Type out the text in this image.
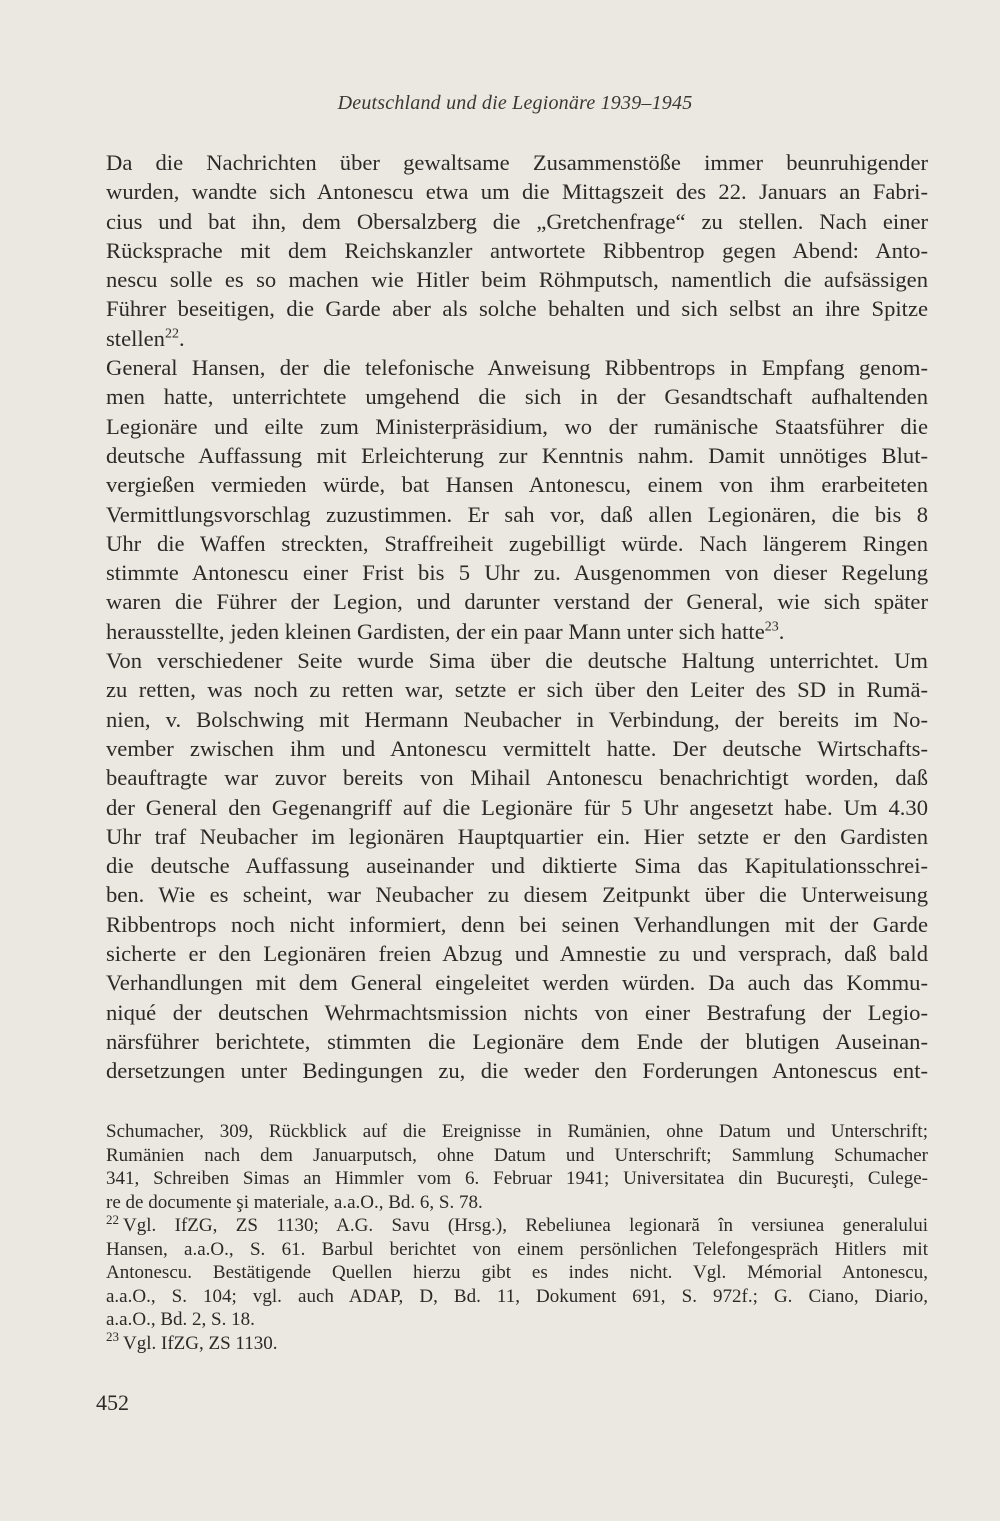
Deutschland und die Legionäre 1939–1945
Da die Nachrichten über gewaltsame Zusammenstöße immer beunruhigender
wurden, wandte sich Antonescu etwa um die Mittagszeit des 22. Januars an Fabri-
cius und bat ihn, dem Obersalzberg die „Gretchenfrage“ zu stellen. Nach einer
Rücksprache mit dem Reichskanzler antwortete Ribbentrop gegen Abend: Anto-
nescu solle es so machen wie Hitler beim Röhmputsch, namentlich die aufsässigen
Führer beseitigen, die Garde aber als solche behalten und sich selbst an ihre Spitze
stellen$^{22}$.
General Hansen, der die telefonische Anweisung Ribbentrops in Empfang genom-
men hatte, unterrichtete umgehend die sich in der Gesandtschaft aufhaltenden
Legionäre und eilte zum Ministerpräsidium, wo der rumänische Staatsführer die
deutsche Auffassung mit Erleichterung zur Kenntnis nahm. Damit unnötiges Blut-
vergießen vermieden würde, bat Hansen Antonescu, einem von ihm erarbeiteten
Vermittlungsvorschlag zuzustimmen. Er sah vor, daß allen Legionären, die bis 8
Uhr die Waffen streckten, Straffreiheit zugebilligt würde. Nach längerem Ringen
stimmte Antonescu einer Frist bis 5 Uhr zu. Ausgenommen von dieser Regelung
waren die Führer der Legion, und darunter verstand der General, wie sich später
herausstellte, jeden kleinen Gardisten, der ein paar Mann unter sich hatte$^{23}$.
Von verschiedener Seite wurde Sima über die deutsche Haltung unterrichtet. Um
zu retten, was noch zu retten war, setzte er sich über den Leiter des SD in Rumä-
nien, v. Bolschwing mit Hermann Neubacher in Verbindung, der bereits im No-
vember zwischen ihm und Antonescu vermittelt hatte. Der deutsche Wirtschafts-
beauftragte war zuvor bereits von Mihail Antonescu benachrichtigt worden, daß
der General den Gegenangriff auf die Legionäre für 5 Uhr angesetzt habe. Um 4.30
Uhr traf Neubacher im legionären Hauptquartier ein. Hier setzte er den Gardisten
die deutsche Auffassung auseinander und diktierte Sima das Kapitulationsschrei-
ben. Wie es scheint, war Neubacher zu diesem Zeitpunkt über die Unterweisung
Ribbentrops noch nicht informiert, denn bei seinen Verhandlungen mit der Garde
sicherte er den Legionären freien Abzug und Amnestie zu und versprach, daß bald
Verhandlungen mit dem General eingeleitet werden würden. Da auch das Kommu-
niqué der deutschen Wehrmachtsmission nichts von einer Bestrafung der Legio-
närsführer berichtete, stimmten die Legionäre dem Ende der blutigen Auseinan-
dersetzungen unter Bedingungen zu, die weder den Forderungen Antonescus ent-
Schumacher, 309, Rückblick auf die Ereignisse in Rumänien, ohne Datum und Unterschrift;
Rumänien nach dem Januarputsch, ohne Datum und Unterschrift; Sammlung Schumacher
341, Schreiben Simas an Himmler vom 6. Februar 1941; Universitatea din Bucureşti, Culege-
re de documente şi materiale, a.a.O., Bd. 6, S. 78.
$^{22}$ Vgl. IfZG, ZS 1130; A.G. Savu (Hrsg.), Rebeliunea legionară în versiunea generalului
Hansen, a.a.O., S. 61. Barbul berichtet von einem persönlichen Telefongespräch Hitlers mit
Antonescu. Bestätigende Quellen hierzu gibt es indes nicht. Vgl. Mémorial Antonescu,
a.a.O., S. 104; vgl. auch ADAP, D, Bd. 11, Dokument 691, S. 972f.; G. Ciano, Diario,
a.a.O., Bd. 2, S. 18.
$^{23}$ Vgl. IfZG, ZS 1130.
452
